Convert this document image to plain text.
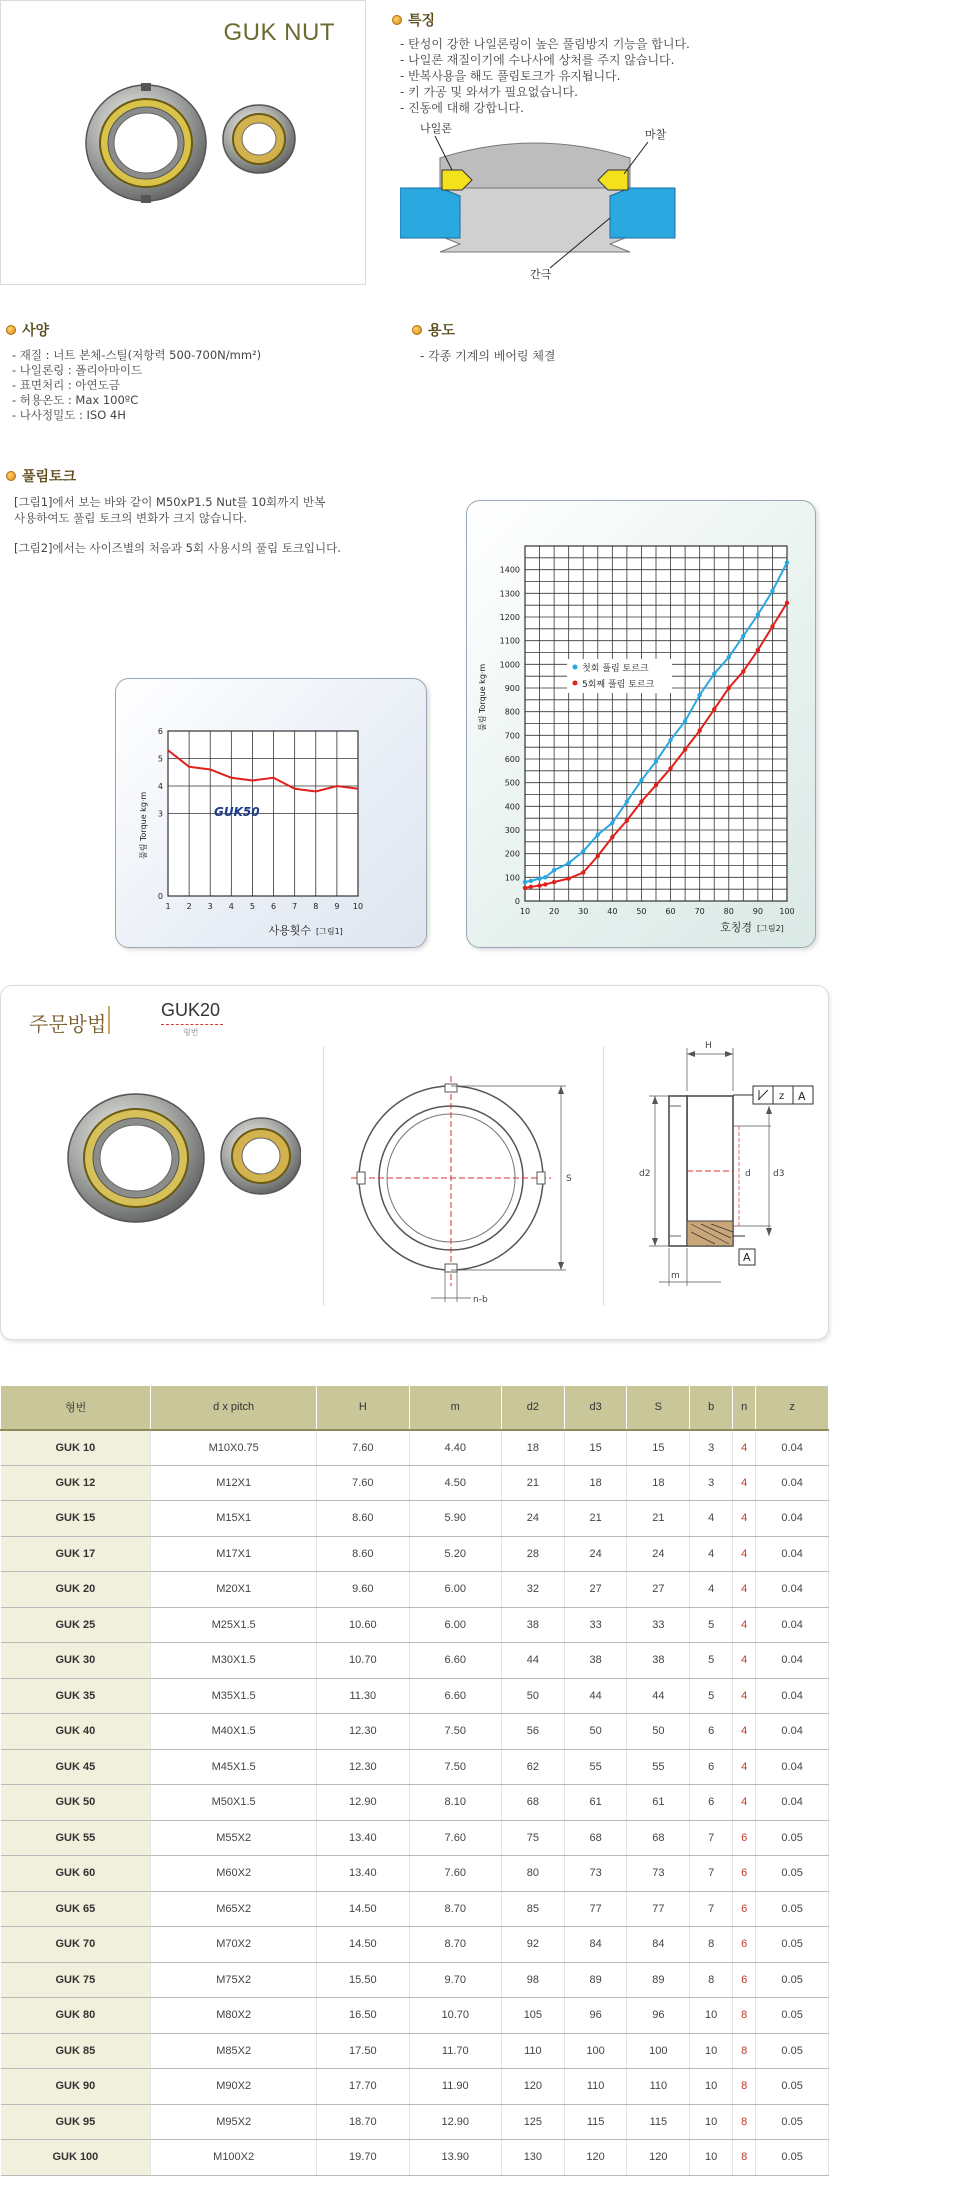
GUK NUT	특징
- 탄성이 강한 나일론링이 높은 풀림방지 기능을 합니다.
- 나일론 재질이기에 수나사에 상처를 주지 않습니다.
- 반복사용을 해도 풀림토크가 유지됩니다.
- 키 가공 및 와셔가 필요없습니다.
- 진동에 대해 강합니다.
나일론	마찰
간극
사양
- 재질 : 너트 본체-스틸(저항력 500-700N/mm²)
- 나일론링 : 폴리아마이드
- 표면처리 : 아연도금
- 허용온도 : Max 100ºC
- 나사정밀도 : ISO 4H
용도
- 각종 기계의 베어링 체결
풀림토크
[그림1]에서 보는 바와 같이 M50xP1.5 Nut를 10회까지 반복
사용하여도 풀림 토크의 변화가 크지 않습니다.
[그림2]에서는 사이즈별의 처음과 5회 사용시의 풀림 토크입니다.
1 2 3 4 5 6 7 8 9 10
0
3
4
5
6
GUK50
풀림 Torque kg·m
사용횟수 [그림1]
10 20 30 40 50 60 70 80 90 100
0
100
200
300
400
500
600
700
800
900
1000
1100
1200
1300
1400
풀림 Torque kg·m
호칭경 [그림2]
첫회 풀림 토르크
5회째 풀림 토르크
주문방법
GUK20
형번
S
n-b
H
z A
d2	d d3
A
m
형번	d x pitch	H	m	d2	d3	S	b	n	z
GUK 10	M10X0.75	7.60	4.40	18	15	15	3	4	0.04
GUK 12	M12X1	7.60	4.50	21	18	18	3	4	0.04
GUK 15	M15X1	8.60	5.90	24	21	21	4	4	0.04
GUK 17	M17X1	8.60	5.20	28	24	24	4	4	0.04
GUK 20	M20X1	9.60	6.00	32	27	27	4	4	0.04
GUK 25	M25X1.5	10.60	6.00	38	33	33	5	4	0.04
GUK 30	M30X1.5	10.70	6.60	44	38	38	5	4	0.04
GUK 35	M35X1.5	11.30	6.60	50	44	44	5	4	0.04
GUK 40	M40X1.5	12.30	7.50	56	50	50	6	4	0.04
GUK 45	M45X1.5	12.30	7.50	62	55	55	6	4	0.04
GUK 50	M50X1.5	12.90	8.10	68	61	61	6	4	0.04
GUK 55	M55X2	13.40	7.60	75	68	68	7	6	0.05
GUK 60	M60X2	13.40	7.60	80	73	73	7	6	0.05
GUK 65	M65X2	14.50	8.70	85	77	77	7	6	0.05
GUK 70	M70X2	14.50	8.70	92	84	84	8	6	0.05
GUK 75	M75X2	15.50	9.70	98	89	89	8	6	0.05
GUK 80	M80X2	16.50	10.70	105	96	96	10	8	0.05
GUK 85	M85X2	17.50	11.70	110	100	100	10	8	0.05
GUK 90	M90X2	17.70	11.90	120	110	110	10	8	0.05
GUK 95	M95X2	18.70	12.90	125	115	115	10	8	0.05
GUK 100	M100X2	19.70	13.90	130	120	120	10	8	0.05
